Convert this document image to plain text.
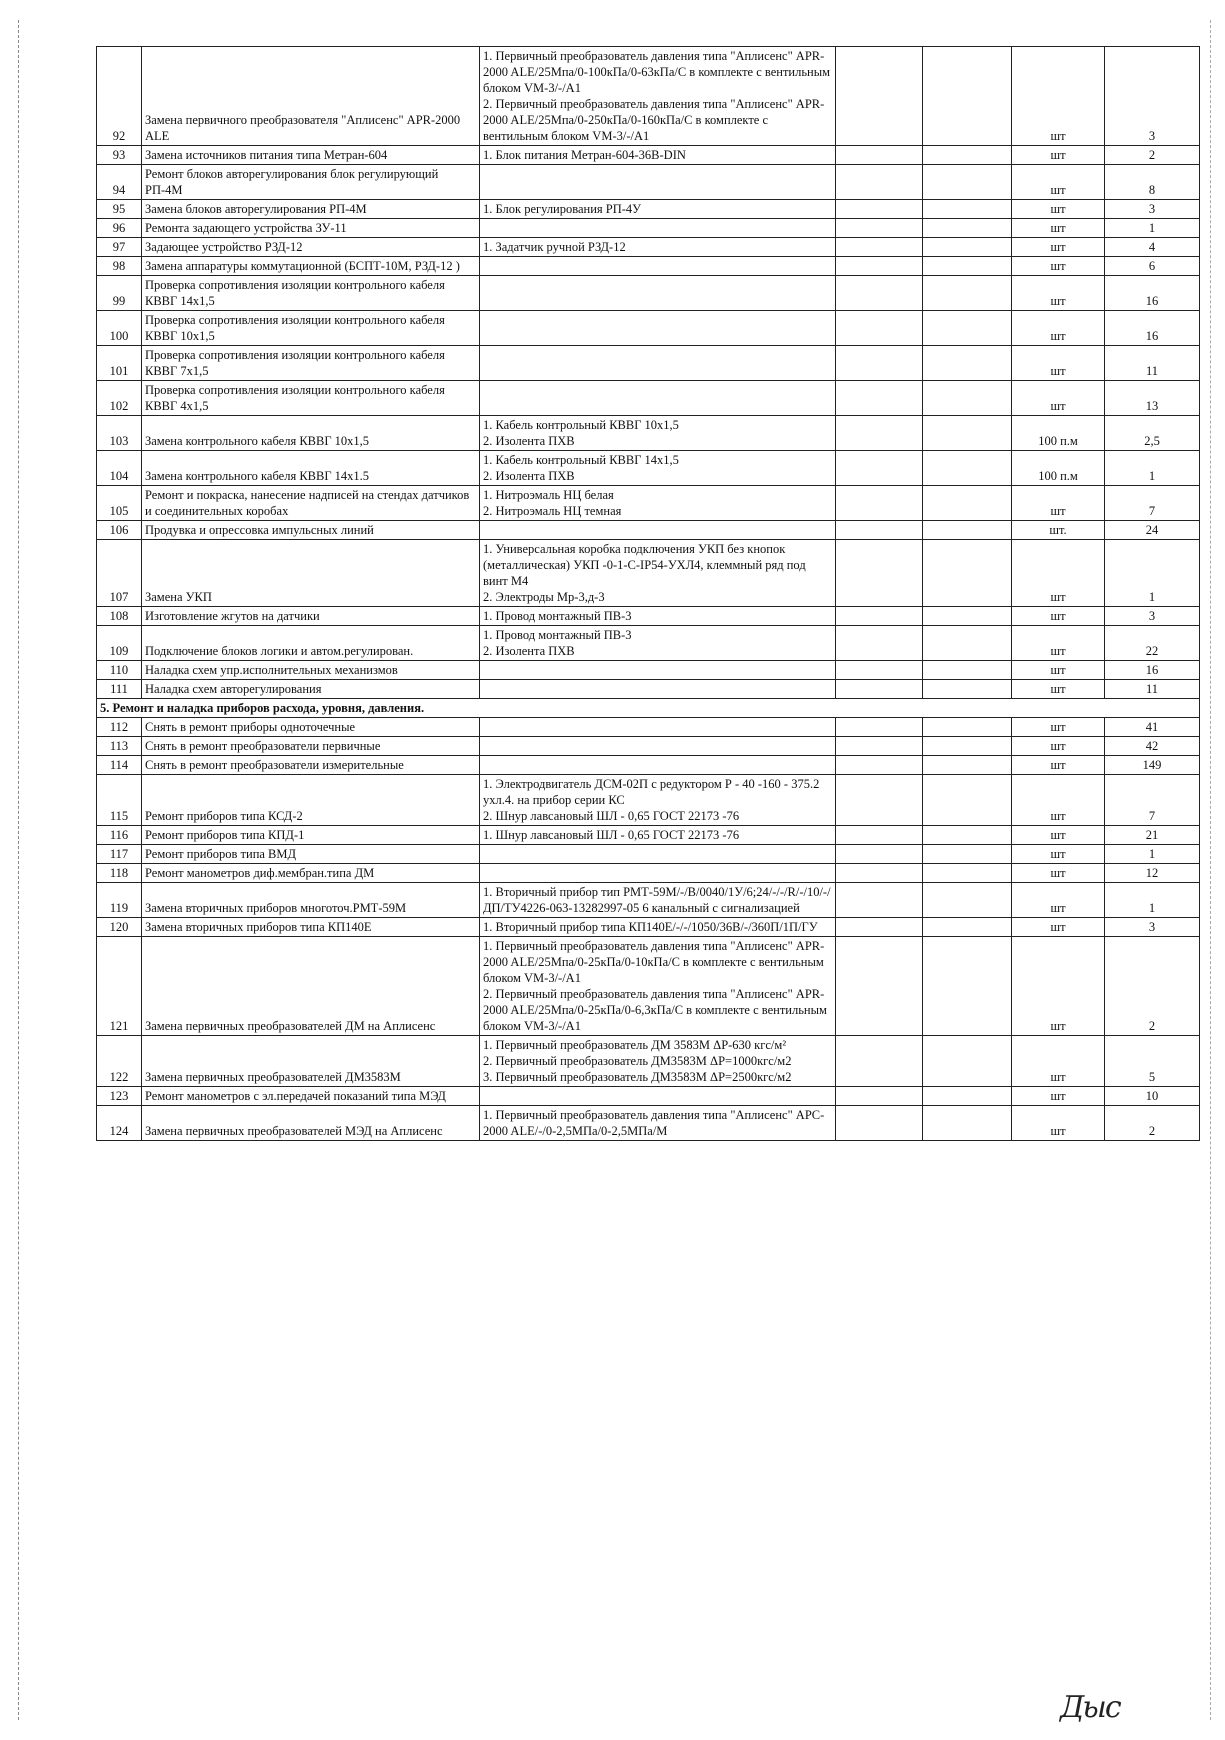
92	Замена первичного преобразователя "Аплисенс" APR-2000 ALE	1. Первичный преобразователь давления типа "Аплисенс" APR-2000 ALE/25Мпа/0-100кПа/0-63кПа/С в комплекте с вентильным блоком VM-3/-/А1
2. Первичный преобразователь давления типа "Аплисенс" APR-2000 ALE/25Мпа/0-250кПа/0-160кПа/С в комплекте с вентильным блоком VM-3/-/А1			шт	3
93	Замена источников питания типа Метран-604	1. Блок питания Метран-604-36В-DIN			шт	2
94	Ремонт блоков авторегулирования блок регулирующий РП-4М				шт	8
95	Замена блоков авторегулирования РП-4М	1. Блок регулирования РП-4У			шт	3
96	Ремонта задающего устройства ЗУ-11				шт	1
97	Задающее устройство РЗД-12	1. Задатчик ручной РЗД-12			шт	4
98	Замена аппаратуры коммутационной (БСПТ-10М, РЗД-12 )				шт	6
99	Проверка сопротивления изоляции контрольного кабеля КВВГ 14х1,5				шт	16
100	Проверка сопротивления изоляции контрольного кабеля КВВГ 10х1,5				шт	16
101	Проверка сопротивления изоляции контрольного кабеля КВВГ 7х1,5				шт	11
102	Проверка сопротивления изоляции контрольного кабеля КВВГ 4х1,5				шт	13
103	Замена контрольного кабеля КВВГ 10х1,5	1. Кабель контрольный КВВГ 10х1,5
2. Изолента ПХВ			100 п.м	2,5
104	Замена контрольного кабеля КВВГ 14х1.5	1. Кабель контрольный КВВГ 14х1,5
2. Изолента ПХВ			100 п.м	1
105	Ремонт и покраска, нанесение надписей на стендах датчиков и соединительных коробах	1. Нитроэмаль НЦ белая
2. Нитроэмаль НЦ темная			шт	7
106	Продувка и опрессовка импульсных линий				шт.	24
107	Замена УКП	1. Универсальная коробка подключения УКП без кнопок (металлическая) УКП -0-1-С-IP54-УХЛ4, клеммный ряд под винт М4
2. Электроды Мр-3,д-3			шт	1
108	Изготовление жгутов на датчики	1. Провод монтажный ПВ-3			шт	3
109	Подключение блоков логики и автом.регулирован.	1. Провод монтажный ПВ-3
2. Изолента ПХВ			шт	22
110	Наладка схем упр.исполнительных механизмов				шт	16
111	Наладка схем авторегулирования				шт	11
5. Ремонт и наладка приборов расхода, уровня, давления.						
112	Снять в ремонт приборы одноточечные				шт	41
113	Снять в ремонт преобразователи первичные				шт	42
114	Снять в ремонт преобразователи измерительные				шт	149
115	Ремонт приборов типа КСД-2	1. Электродвигатель ДСМ-02П с редуктором Р - 40 -160 - 375.2 ухл.4. на прибор серии КС
2. Шнур лавсановый ШЛ - 0,65 ГОСТ 22173 -76			шт	7
116	Ремонт приборов типа КПД-1	1. Шнур лавсановый ШЛ - 0,65 ГОСТ 22173 -76			шт	21
117	Ремонт приборов типа ВМД				шт	1
118	Ремонт манометров диф.мембран.типа ДМ				шт	12
119	Замена вторичных приборов многоточ.РМТ-59М	1. Вторичный прибор тип РМТ-59М/-/В/0040/1У/6;24/-/-/R/-/10/-/ДП/ТУ4226-063-13282997-05 6 канальный с сигнализацией			шт	1
120	Замена вторичных приборов типа КП140Е	1. Вторичный прибор типа КП140Е/-/-/1050/36В/-/360П/1П/ГУ			шт	3
121	Замена первичных преобразователей ДМ на Аплисенс	1. Первичный преобразователь давления типа "Аплисенс" APR-2000 ALE/25Мпа/0-25кПа/0-10кПа/С в комплекте с вентильным блоком VM-3/-/А1
2. Первичный преобразователь давления типа "Аплисенс" APR-2000 ALE/25Мпа/0-25кПа/0-6,3кПа/С в комплекте с вентильным блоком VM-3/-/А1			шт	2
122	Замена первичных преобразователей ДМ3583М	1. Первичный преобразователь ДМ 3583М ΔР-630 кгс/м²
2. Первичный преобразователь ДМ3583М ΔР=1000кгс/м2
3. Первичный преобразователь ДМ3583М ΔР=2500кгс/м2			шт	5
123	Ремонт манометров с эл.передачей показаний типа МЭД				шт	10
124	Замена первичных преобразователей МЭД на Аплисенс	1. Первичный преобразователь давления типа "Аплисенс" APC-2000 ALE/-/0-2,5МПа/0-2,5МПа/М			шт	2
Дыс
